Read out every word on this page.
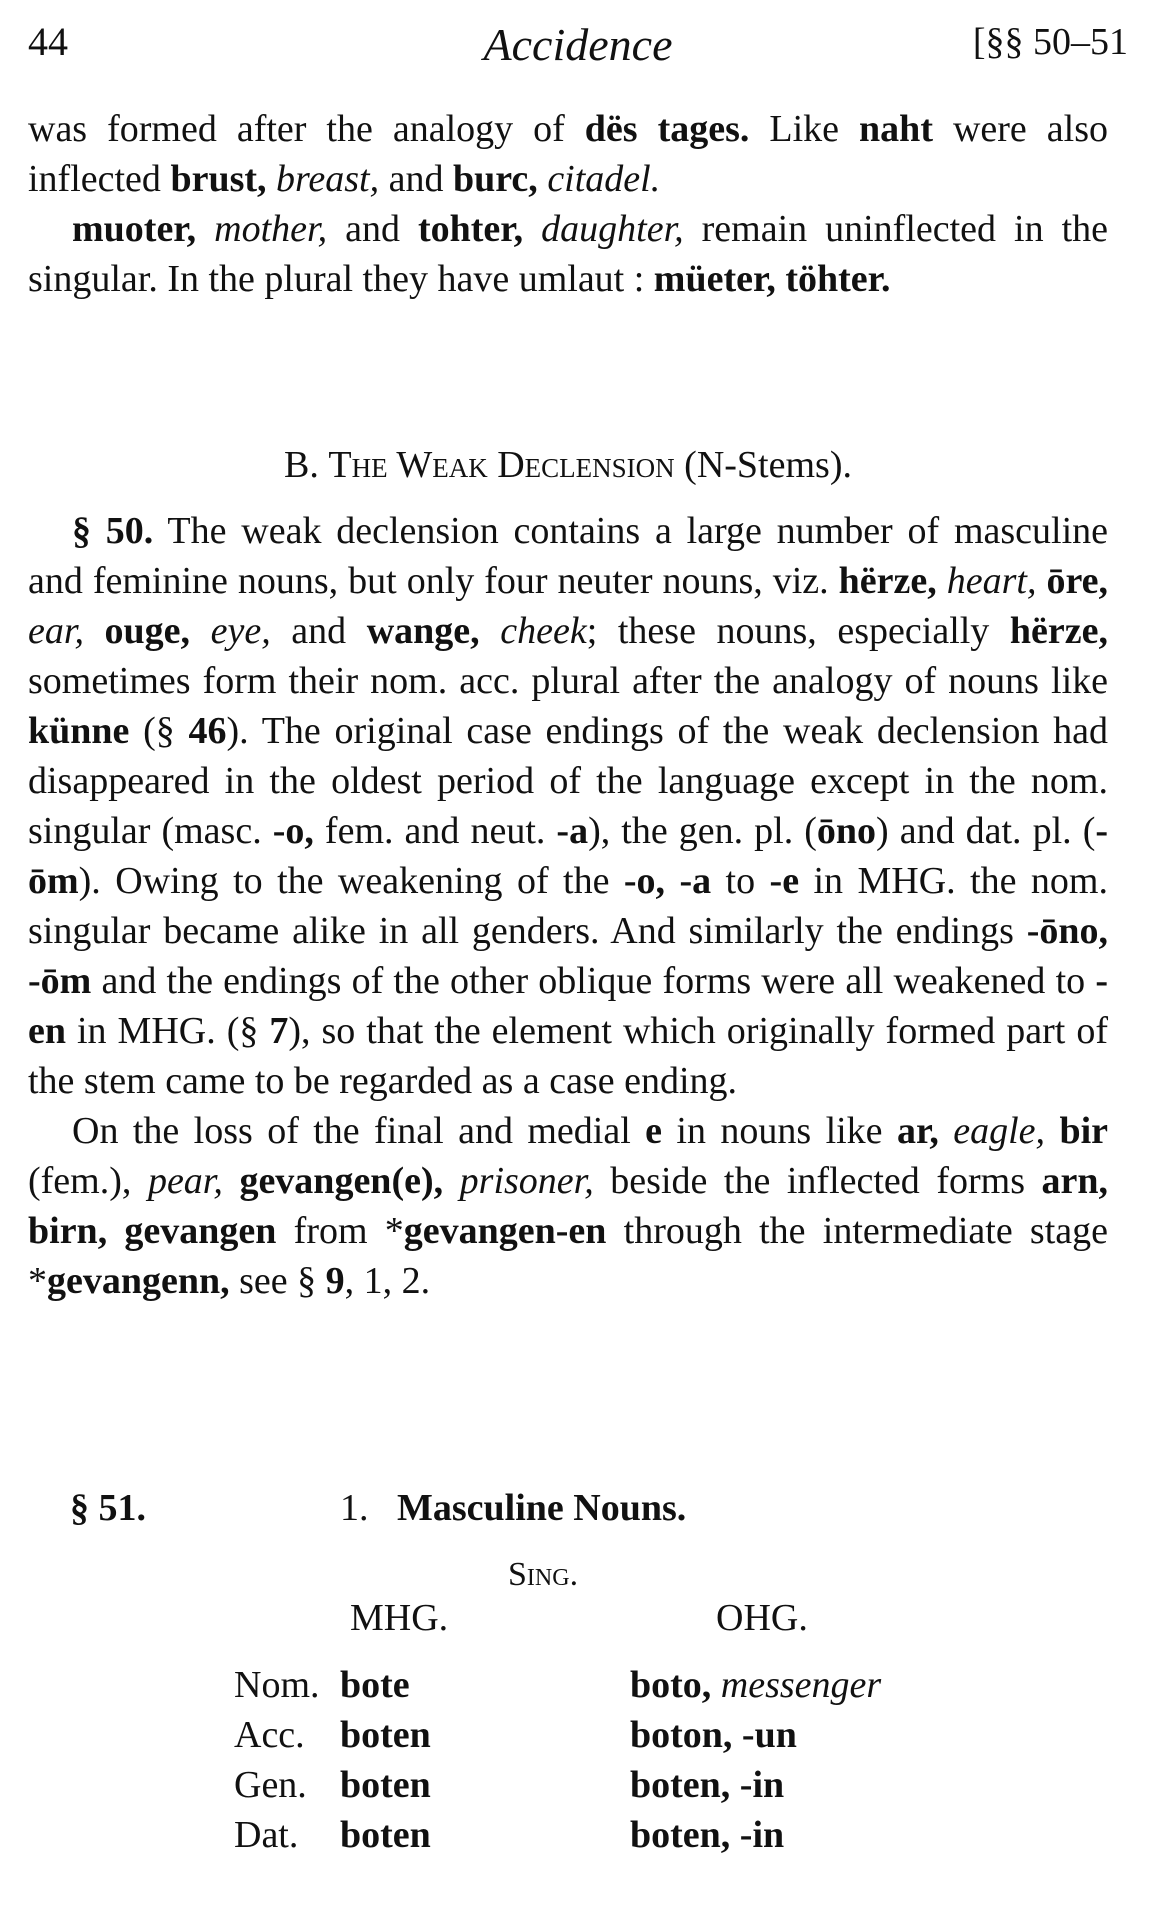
44	Accidence	[§§ 50–51

was formed after the analogy of dës tages. Like naht were also inflected brust, breast, and burc, citadel.

muoter, mother, and tohter, daughter, remain uninflected in the singular. In the plural they have umlaut : müeter, töhter.

B. The Weak Declension (N-Stems).

§ 50. The weak declension contains a large number of masculine and feminine nouns, but only four neuter nouns, viz. hërze, heart, ōre, ear, ouge, eye, and wange, cheek; these nouns, especially hërze, sometimes form their nom. acc. plural after the analogy of nouns like künne (§ 46). The original case endings of the weak declension had disappeared in the oldest period of the language except in the nom. singular (masc. -o, fem. and neut. -a), the gen. pl. (ōno) and dat. pl. (-ōm). Owing to the weakening of the -o, -a to -e in MHG. the nom. singular became alike in all genders. And similarly the endings -ōno, -ōm and the endings of the other oblique forms were all weakened to -en in MHG. (§ 7), so that the element which originally formed part of the stem came to be regarded as a case ending.

On the loss of the final and medial e in nouns like ar, eagle, bir (fem.), pear, gevangen(e), prisoner, beside the inflected forms arn, birn, gevangen from *gevangen-en through the intermediate stage *gevangenn, see § 9, 1, 2.

§ 51.	1. Masculine Nouns.
Sing.
MHG.	OHG.
Nom. bote	boto, messenger
Acc. boten	boton, -un
Gen. boten	boten, -in
Dat.	boten	boten, -in
